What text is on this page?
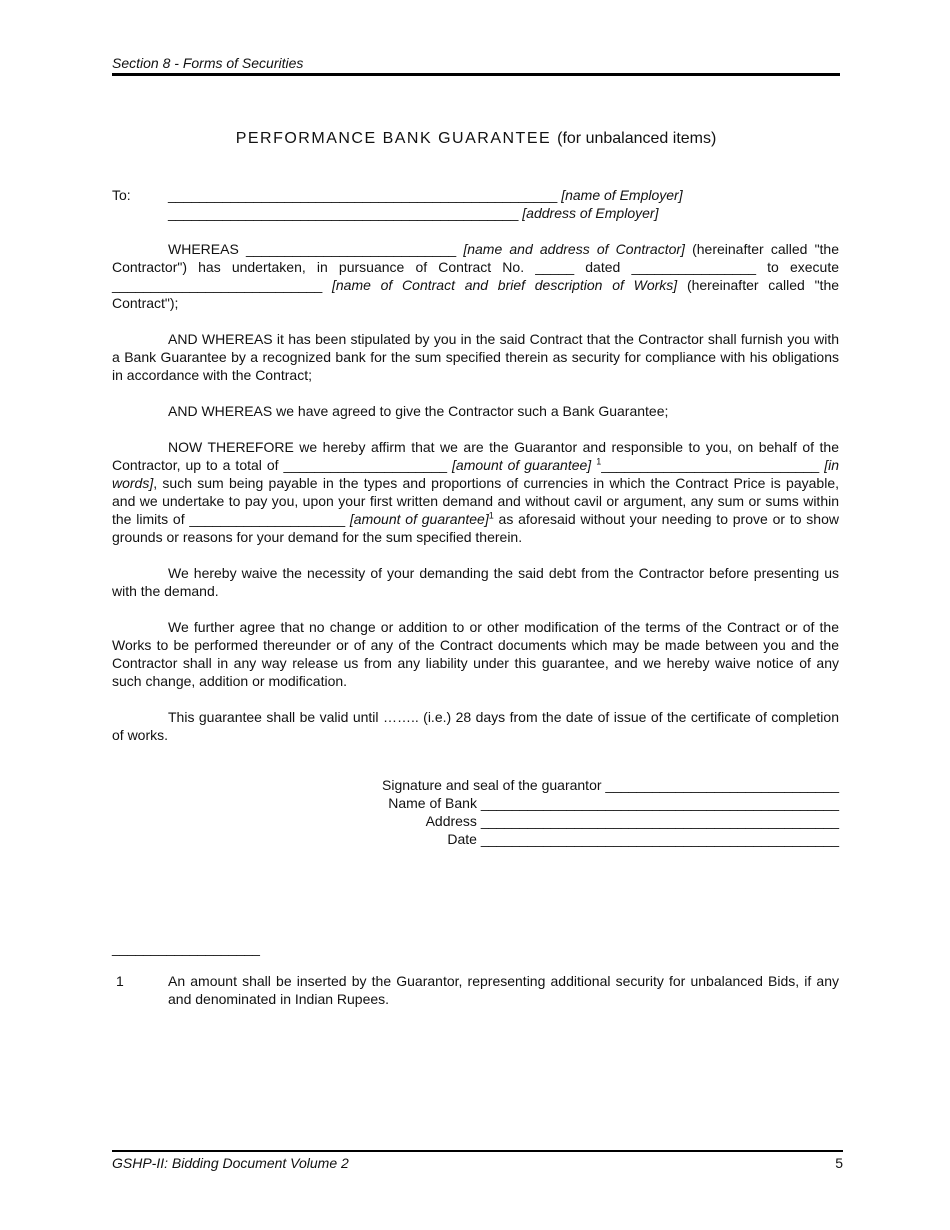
Section 8 - Forms of Securities
PERFORMANCE BANK GUARANTEE (for unbalanced items)
To:	__________________________________________________ [name of Employer]
_____________________________________________ [address of Employer]

WHEREAS ___________________________ [name and address of Contractor] (hereinafter called "the Contractor") has undertaken, in pursuance of Contract No. _____ dated ________________ to execute ___________________________ [name of Contract and brief description of Works] (hereinafter called "the Contract");

AND WHEREAS it has been stipulated by you in the said Contract that the Contractor shall furnish you with a Bank Guarantee by a recognized bank for the sum specified therein as security for compliance with his obligations in accordance with the Contract;

AND WHEREAS we have agreed to give the Contractor such a Bank Guarantee;

NOW THEREFORE we hereby affirm that we are the Guarantor and responsible to you, on behalf of the Contractor, up to a total of _____________________ [amount of guarantee] $^1$____________________________ [in words], such sum being payable in the types and proportions of currencies in which the Contract Price is payable, and we undertake to pay you, upon your first written demand and without cavil or argument, any sum or sums within the limits of ____________________ [amount of guarantee]$^1$ as aforesaid without your needing to prove or to show grounds or reasons for your demand for the sum specified therein.

We hereby waive the necessity of your demanding the said debt from the Contractor before presenting us with the demand.

We further agree that no change or addition to or other modification of the terms of the Contract or of the Works to be performed thereunder or of any of the Contract documents which may be made between you and the Contractor shall in any way release us from any liability under this guarantee, and we hereby waive notice of any such change, addition or modification.

This guarantee shall be valid until …….. (i.e.) 28 days from the date of issue of the certificate of completion of works.

Signature and seal of the guarantor ______________________________
Name of Bank ______________________________________________
Address ______________________________________________
Date ______________________________________________
___________________
1	An amount shall be inserted by the Guarantor, representing additional security for unbalanced Bids, if any and denominated in Indian Rupees.
GSHP-II: Bidding Document Volume 2	5
